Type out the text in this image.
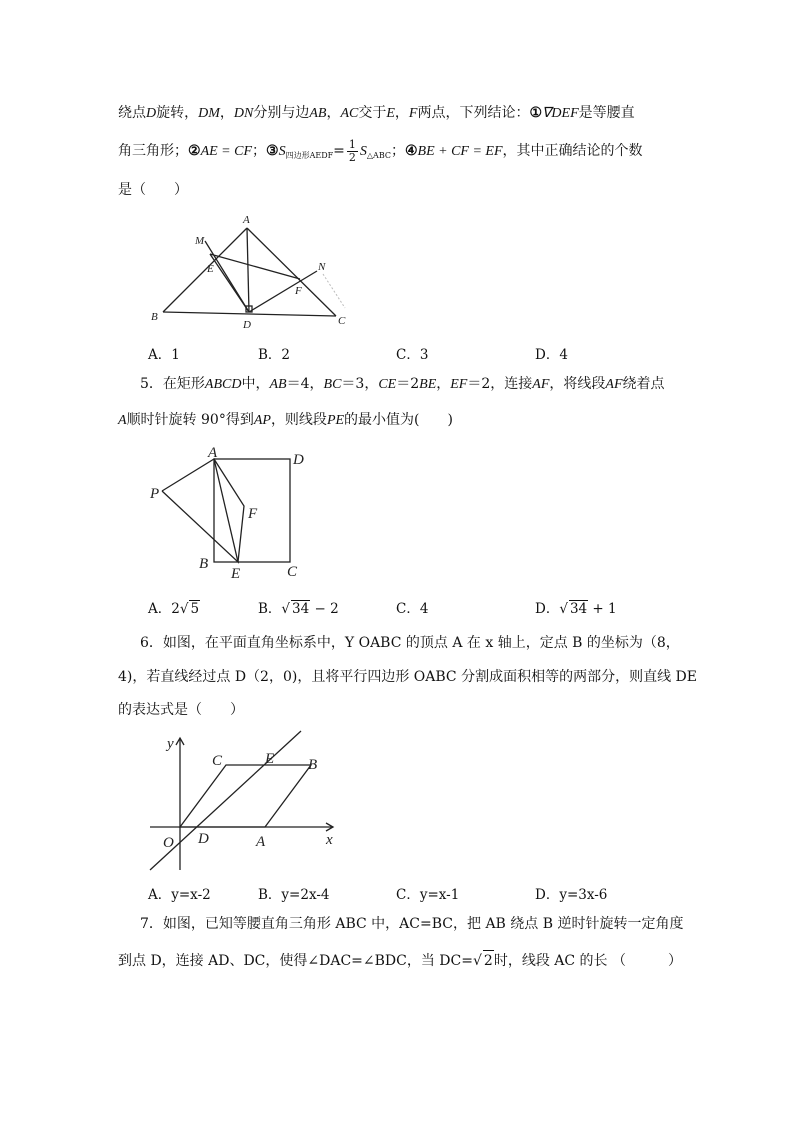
绕点D旋转，DM，DN分别与边AB，AC交于E，F两点，下列结论：①∇DEF是等腰直
角三角形；②AE = CF；$③S_{四边形AEDF}= \frac{1}{2} S_{\triangle ABC}$；④BE + CF = EF，其中正确结论的个数
是（　　）
A
M
E	N
F
B
D	C
A．1	B．2	C．3	D．4
5．在矩形ABCD中，AB＝4，BC＝3，CE＝2BE，EF＝2，连接AF，将线段AF绕着点
A顺时针旋转 90°得到AP，则线段PE的最小值为(　　)
A	D
P
F
B
E	C
A．2√ 5	B．√ 34 − 2	C．4	D．√ 34 + 1
6．如图，在平面直角坐标系中，Y OABC 的顶点 A 在 x 轴上，定点 B 的坐标为（8，
4)，若直线经过点 D（2，0)，且将平行四边形 OABC 分割成面积相等的两部分，则直线 DE
的表达式是（　　）
y
x
C	E B
O D	A
A．y=x-2	B．y=2x-4	C．y=x-1	D．y=3x-6
7．如图，已知等腰直角三角形 ABC 中，AC=BC，把 AB 绕点 B 逆时针旋转一定角度
到点 D，连接 AD、DC，使得∠DAC=∠BDC，当 DC=√ 2时，线段 AC 的长 （　　　）
